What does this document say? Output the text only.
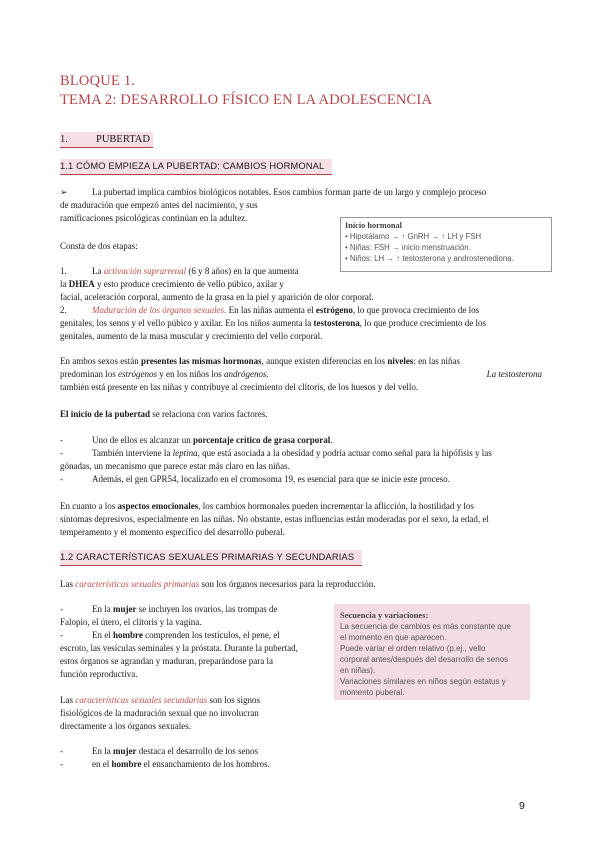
BLOQUE 1.
TEMA 2: DESARROLLO FÍSICO EN LA ADOLESCENCIA
1.	PUBERTAD
1.1 CÓMO EMPIEZA LA PUBERTAD: CAMBIOS HORMONAL
➢	La pubertad implica cambios biológicos notables. Esos cambios forman parte de un largo y complejo proceso
de maduración que empezó antes del nacimiento, y sus
ramificaciones psicológicas continúan en la adultez.
Inicio hormonal
• Hipotálamo → ↑ GnRH → ↑ LH y FSH
• Niñas: FSH → inicio menstruación.
• Niños: LH → ↑ testosterona y androstenediona.
Consta de dos etapas:
1.	La activación suprarrenal (6 y 8 años) en la que aumenta
la DHEA y esto produce crecimiento de vello púbico, axilar y
facial, aceleración corporal, aumento de la grasa en la piel y aparición de olor corporal.
2.	Maduración de los órganos sexuales. En las niñas aumenta el estrógeno, lo que provoca crecimiento de los
genitales, los senos y el vello púbico y axilar. En los niños aumenta la testosterona, lo que produce crecimiento de los
genitales, aumento de la masa muscular y crecimiento del vello corporal.
En ambos sexos están presentes las mismas hormonas, aunque existen diferencias en los niveles: en las niñas
predominan los estrógenos y en los niños los andrógenos.	La testosterona
también está presente en las niñas y contribuye al crecimiento del clítoris, de los huesos y del vello.
El inicio de la pubertad se relaciona con varios factores.
-	Uno de ellos es alcanzar un porcentaje crítico de grasa corporal.
-	También interviene la leptina, que está asociada a la obesidad y podría actuar como señal para la hipófisis y las
gónadas, un mecanismo que parece estar más claro en las niñas.
-	Además, el gen GPR54, localizado en el cromosoma 19, es esencial para que se inicie este proceso.
En cuanto a los aspectos emocionales, los cambios hormonales pueden incrementar la aflicción, la hostilidad y los
síntomas depresivos, especialmente en las niñas. No obstante, estas influencias están moderadas por el sexo, la edad, el
temperamento y el momento específico del desarrollo puberal.
1.2 CARACTERÍSTICAS SEXUALES PRIMARIAS Y SECUNDARIAS
Las características sexuales primarias son los órganos necesarios para la reproducción.
-	En la mujer se incluyen los ovarios, las trompas de
Falopio, el útero, el clítoris y la vagina.
-	En el hombre comprenden los testículos, el pene, el
escroto, las vesículas seminales y la próstata. Durante la pubertad,
estos órganos se agrandan y maduran, preparándose para la
función reproductiva.
Secuencia y variaciones:
La secuencia de cambios es más constante que
el momento en que aparecen.
Puede variar el orden relativo (p.ej., vello
corporal antes/después del desarrollo de senos
en niñas).
Variaciones similares en niños según estatus y
momento puberal.
Las características sexuales secundarias son los signos
fisiológicos de la maduración sexual que no involucran
directamente a los órganos sexuales.
-	En la mujer destaca el desarrollo de los senos
-	en el hombre el ensanchamiento de los hombros.
9
